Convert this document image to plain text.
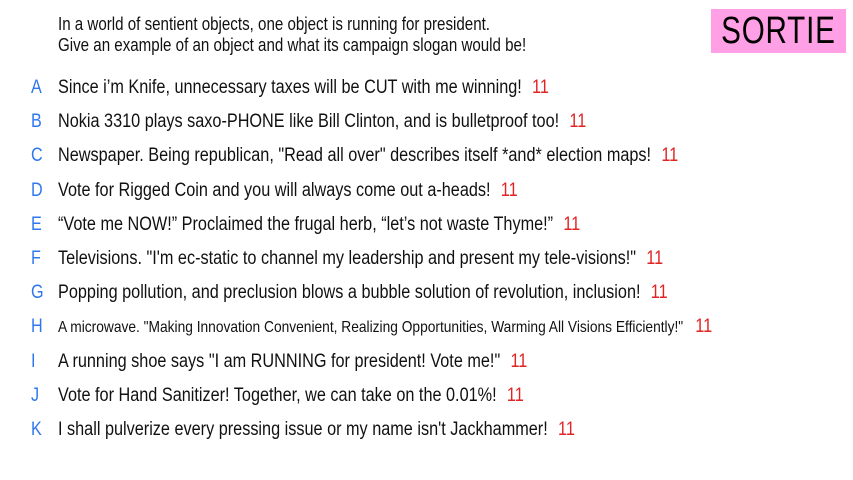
In a world of sentient objects, one object is running for president.
Give an example of an object and what its campaign slogan would be!	SORTIE
A Since i’m Knife, unnecessary taxes will be CUT with me winning! 11
B Nokia 3310 plays saxo-PHONE like Bill Clinton, and is bulletproof too! 11
C Newspaper. Being republican, "Read all over" describes itself *and* election maps! 11
D Vote for Rigged Coin and you will always come out a-heads! 11
E “Vote me NOW!” Proclaimed the frugal herb, “let’s not waste Thyme!” 11
F Televisions. "I'm ec-static to channel my leadership and present my tele-visions!" 11
G Popping pollution, and preclusion blows a bubble solution of revolution, inclusion! 11
H A microwave. "Making Innovation Convenient, Realizing Opportunities, Warming All Visions Efficiently!" 11
I A running shoe says "I am RUNNING for president! Vote me!" 11
J Vote for Hand Sanitizer! Together, we can take on the 0.01%! 11
K I shall pulverize every pressing issue or my name isn't Jackhammer! 11
